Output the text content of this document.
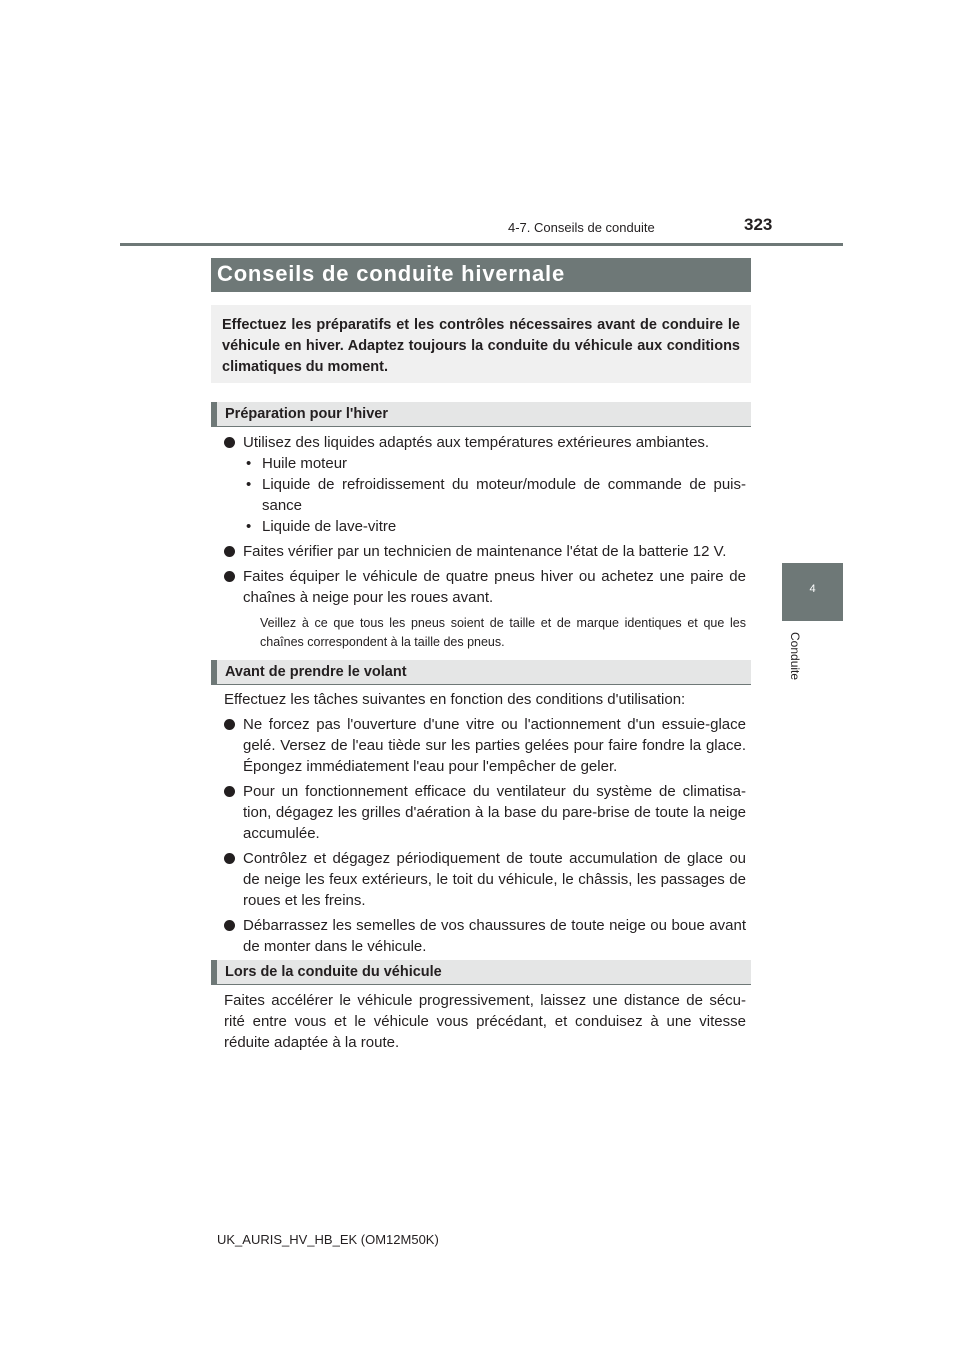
4-7. Conseils de conduite	323
4
Conduite
Conseils de conduite hivernale
Effectuez les préparatifs et les contrôles nécessaires avant de conduire le véhicule en hiver. Adaptez toujours la conduite du véhicule aux conditions climatiques du moment.
Préparation pour l'hiver
Utilisez des liquides adaptés aux températures extérieures ambiantes.
• Huile moteur
• Liquide de refroidissement du moteur/module de commande de puis-sance
• Liquide de lave-vitre
Faites vérifier par un technicien de maintenance l'état de la batterie 12 V.
Faites équiper le véhicule de quatre pneus hiver ou achetez une paire de chaînes à neige pour les roues avant.
Veillez à ce que tous les pneus soient de taille et de marque identiques et que les chaînes correspondent à la taille des pneus.
Avant de prendre le volant
Effectuez les tâches suivantes en fonction des conditions d'utilisation:
Ne forcez pas l'ouverture d'une vitre ou l'actionnement d'un essuie-glace gelé. Versez de l'eau tiède sur les parties gelées pour faire fondre la glace. Épongez immédiatement l'eau pour l'empêcher de geler.
Pour un fonctionnement efficace du ventilateur du système de climatisa-tion, dégagez les grilles d'aération à la base du pare-brise de toute la neige accumulée.
Contrôlez et dégagez périodiquement de toute accumulation de glace ou de neige les feux extérieurs, le toit du véhicule, le châssis, les passages de roues et les freins.
Débarrassez les semelles de vos chaussures de toute neige ou boue avant de monter dans le véhicule.
Lors de la conduite du véhicule
Faites accélérer le véhicule progressivement, laissez une distance de sécu-rité entre vous et le véhicule vous précédant, et conduisez à une vitesse réduite adaptée à la route.
UK_AURIS_HV_HB_EK (OM12M50K)
